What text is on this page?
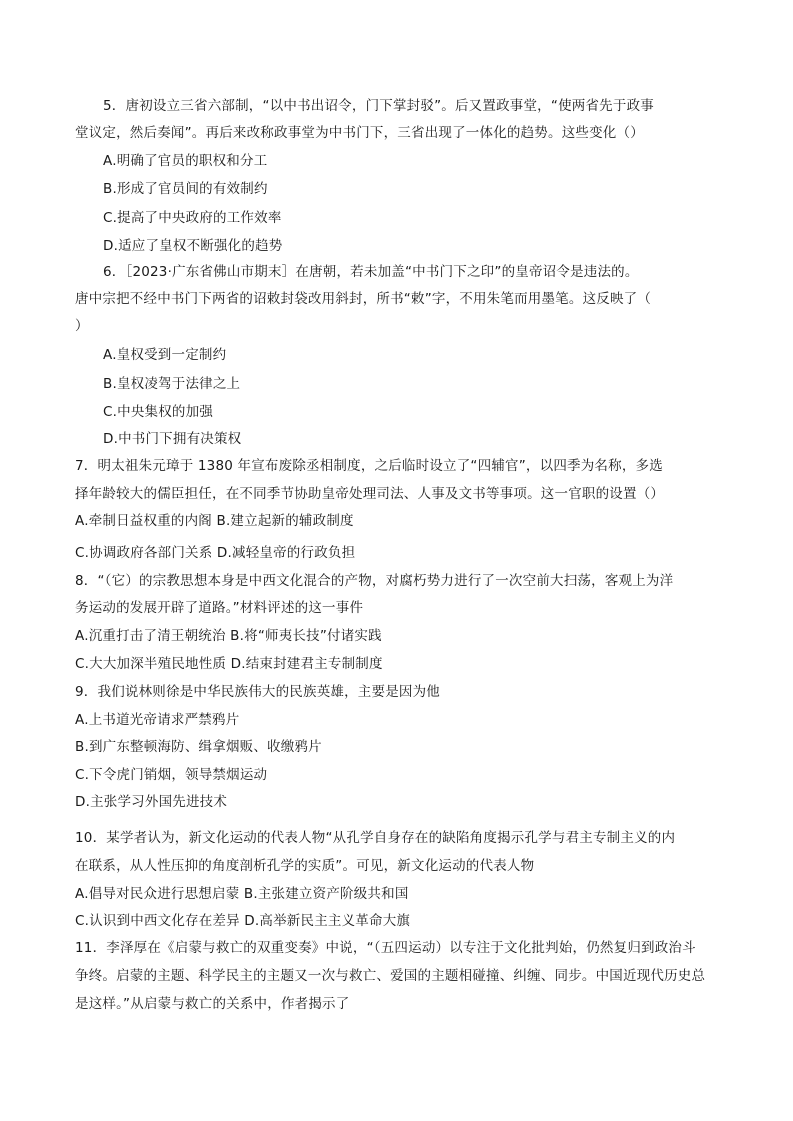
5．唐初设立三省六部制，“以中书出诏令，门下掌封驳”。后又置政事堂，“使两省先于政事
堂议定，然后奏闻”。再后来改称政事堂为中书门下，三省出现了一体化的趋势。这些变化（）
A.明确了官员的职权和分工
B.形成了官员间的有效制约
C.提高了中央政府的工作效率
D.适应了皇权不断强化的趋势
6．［2023·广东省佛山市期末］在唐朝，若未加盖“中书门下之印”的皇帝诏令是违法的。
唐中宗把不经中书门下两省的诏敕封袋改用斜封，所书“敕”字，不用朱笔而用墨笔。这反映了（
）
A.皇权受到一定制约
B.皇权凌驾于法律之上
C.中央集权的加强
D.中书门下拥有决策权
7．明太祖朱元璋于 1380 年宣布废除丞相制度，之后临时设立了“四辅官”，以四季为名称，多选
择年龄较大的儒臣担任，在不同季节协助皇帝处理司法、人事及文书等事项。这一官职的设置（）
A.牵制日益权重的内阁 B.建立起新的辅政制度
C.协调政府各部门关系 D.减轻皇帝的行政负担
8．“（它）的宗教思想本身是中西文化混合的产物，对腐朽势力进行了一次空前大扫荡，客观上为洋
务运动的发展开辟了道路。”材料评述的这一事件
A.沉重打击了清王朝统治 B.将“师夷长技”付诸实践
C.大大加深半殖民地性质 D.结束封建君主专制制度
9．我们说林则徐是中华民族伟大的民族英雄，主要是因为他
A.上书道光帝请求严禁鸦片
B.到广东整顿海防、缉拿烟贩、收缴鸦片
C.下令虎门销烟，领导禁烟运动
D.主张学习外国先进技术
10．某学者认为，新文化运动的代表人物“从孔学自身存在的缺陷角度揭示孔学与君主专制主义的内
在联系，从人性压抑的角度剖析孔学的实质”。可见，新文化运动的代表人物
A.倡导对民众进行思想启蒙 B.主张建立资产阶级共和国
C.认识到中西文化存在差异 D.高举新民主主义革命大旗
11．李泽厚在《启蒙与救亡的双重变奏》中说，“（五四运动）以专注于文化批判始，仍然复归到政治斗
争终。启蒙的主题、科学民主的主题又一次与救亡、爱国的主题相碰撞、纠缠、同步。中国近现代历史总
是这样。”从启蒙与救亡的关系中，作者揭示了
